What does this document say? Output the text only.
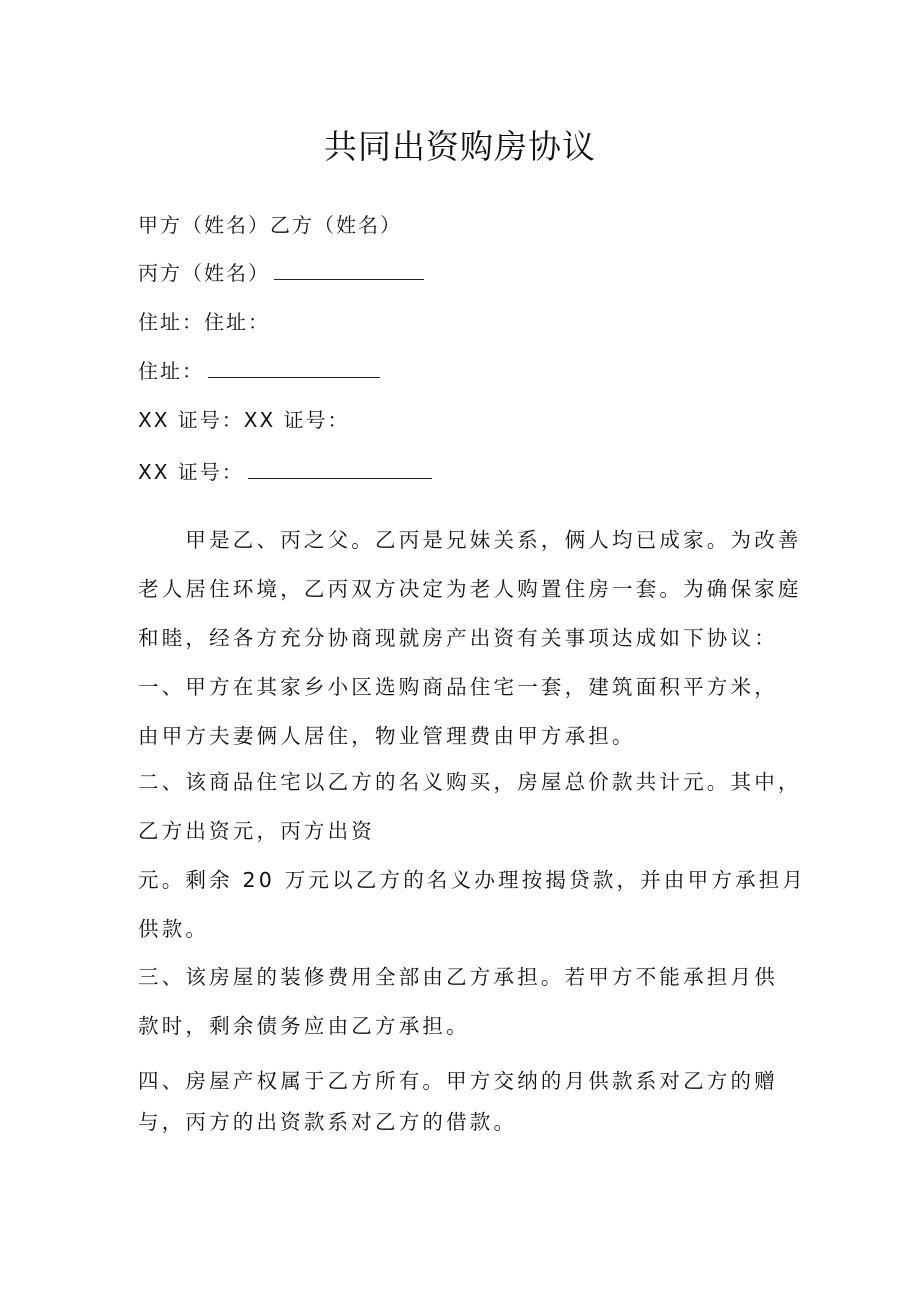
共同出资购房协议
甲方（姓名）乙方（姓名）
丙方（姓名）
住址：住址：
住址：
XX 证号：XX 证号：
XX 证号：
　　甲是乙、丙之父。乙丙是兄妹关系，俩人均已成家。为改善
老人居住环境，乙丙双方决定为老人购置住房一套。为确保家庭
和睦，经各方充分协商现就房产出资有关事项达成如下协议：
一、甲方在其家乡小区选购商品住宅一套，建筑面积平方米，
由甲方夫妻俩人居住，物业管理费由甲方承担。
二、该商品住宅以乙方的名义购买，房屋总价款共计元。其中，
乙方出资元，丙方出资
元。剩余 20 万元以乙方的名义办理按揭贷款，并由甲方承担月
供款。
三、该房屋的装修费用全部由乙方承担。若甲方不能承担月供
款时，剩余债务应由乙方承担。
四、房屋产权属于乙方所有。甲方交纳的月供款系对乙方的赠
与，丙方的出资款系对乙方的借款。
